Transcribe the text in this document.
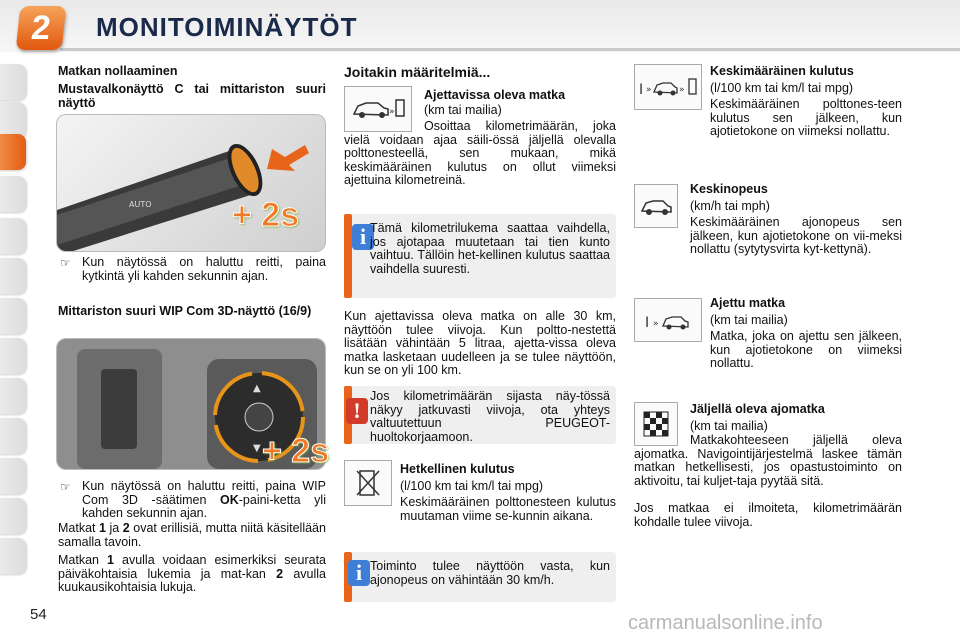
2	MONITOIMINÄYTÖT
Matkan nollaaminen
Mustavalkonäyttö C tai mittariston suuri näyttö
AUTO
⌂
+ 2s
☞ Kun näytössä on haluttu reitti, paina kytkintä yli kahden sekunnin ajan.
Mittariston suuri WIP Com 3D-näyttö (16/9)
▲
▼ + 2s
☞ Kun näytössä on haluttu reitti, paina WIP Com 3D -säätimen OK-paini-ketta yli kahden sekunnin ajan.
Matkat 1 ja 2 ovat erillisiä, mutta niitä käsitellään samalla tavoin.
Matkan 1 avulla voidaan esimerkiksi seurata päiväkohtaisia lukemia ja mat-kan 2 avulla kuukausikohtaisia lukuja.
Joitakin määritelmiä...
»
Ajettavissa oleva matka
(km tai mailia)
Osoittaa kilometrimäärän, joka vielä voidaan ajaa säili-össä jäljellä olevalla polttonesteellä, sen mukaan, mikä keskimääräinen kulutus on ollut viimeksi ajettuina kilometreinä.
i Tämä kilometrilukema saattaa vaihdella, jos ajotapaa muutetaan tai tien kunto vaihtuu. Tällöin het-kellinen kulutus saattaa vaihdella suuresti.
Kun ajettavissa oleva matka on alle 30 km, näyttöön tulee viivoja. Kun poltto-nestettä lisätään vähintään 5 litraa, ajetta-vissa oleva matka lasketaan uudelleen ja se tulee näyttöön, kun se on yli 100 km.
!
Jos kilometrimäärän sijasta näy-tössä näkyy jatkuvasti viivoja, ota yhteys valtuutettuun PEUGEOT-huoltokorjaamoon.
Hetkellinen kulutus
(l/100 km tai km/l tai mpg)
Keskimääräinen polttonesteen kulutus muutaman viime se-kunnin aikana.
i Toiminto tulee näyttöön vasta, kun ajonopeus on vähintään 30 km/h.
I »	»
Keskimääräinen kulutus
(l/100 km tai km/l tai mpg)
Keskimääräinen polttones-teen kulutus sen jälkeen, kun ajotietokone on viimeksi nollattu.
Keskinopeus
(km/h tai mph)
Keskimääräinen ajonopeus sen jälkeen, kun ajotietokone on vii-meksi nollattu (sytytysvirta kyt-kettynä).
I »
Ajettu matka
(km tai mailia)
Matka, joka on ajettu sen jälkeen, kun ajotietokone on viimeksi nollattu.
Jäljellä oleva ajomatka
(km tai mailia)
Matkakohteeseen jäljellä oleva ajomatka. Navigointijärjestelmä laskee tämän matkan hetkellisesti, jos opastustoiminto on aktivoitu, tai kuljet-taja pyytää sitä.
Jos matkaa ei ilmoiteta, kilometrimäärän kohdalle tulee viivoja.
54	carmanualsonline.info
